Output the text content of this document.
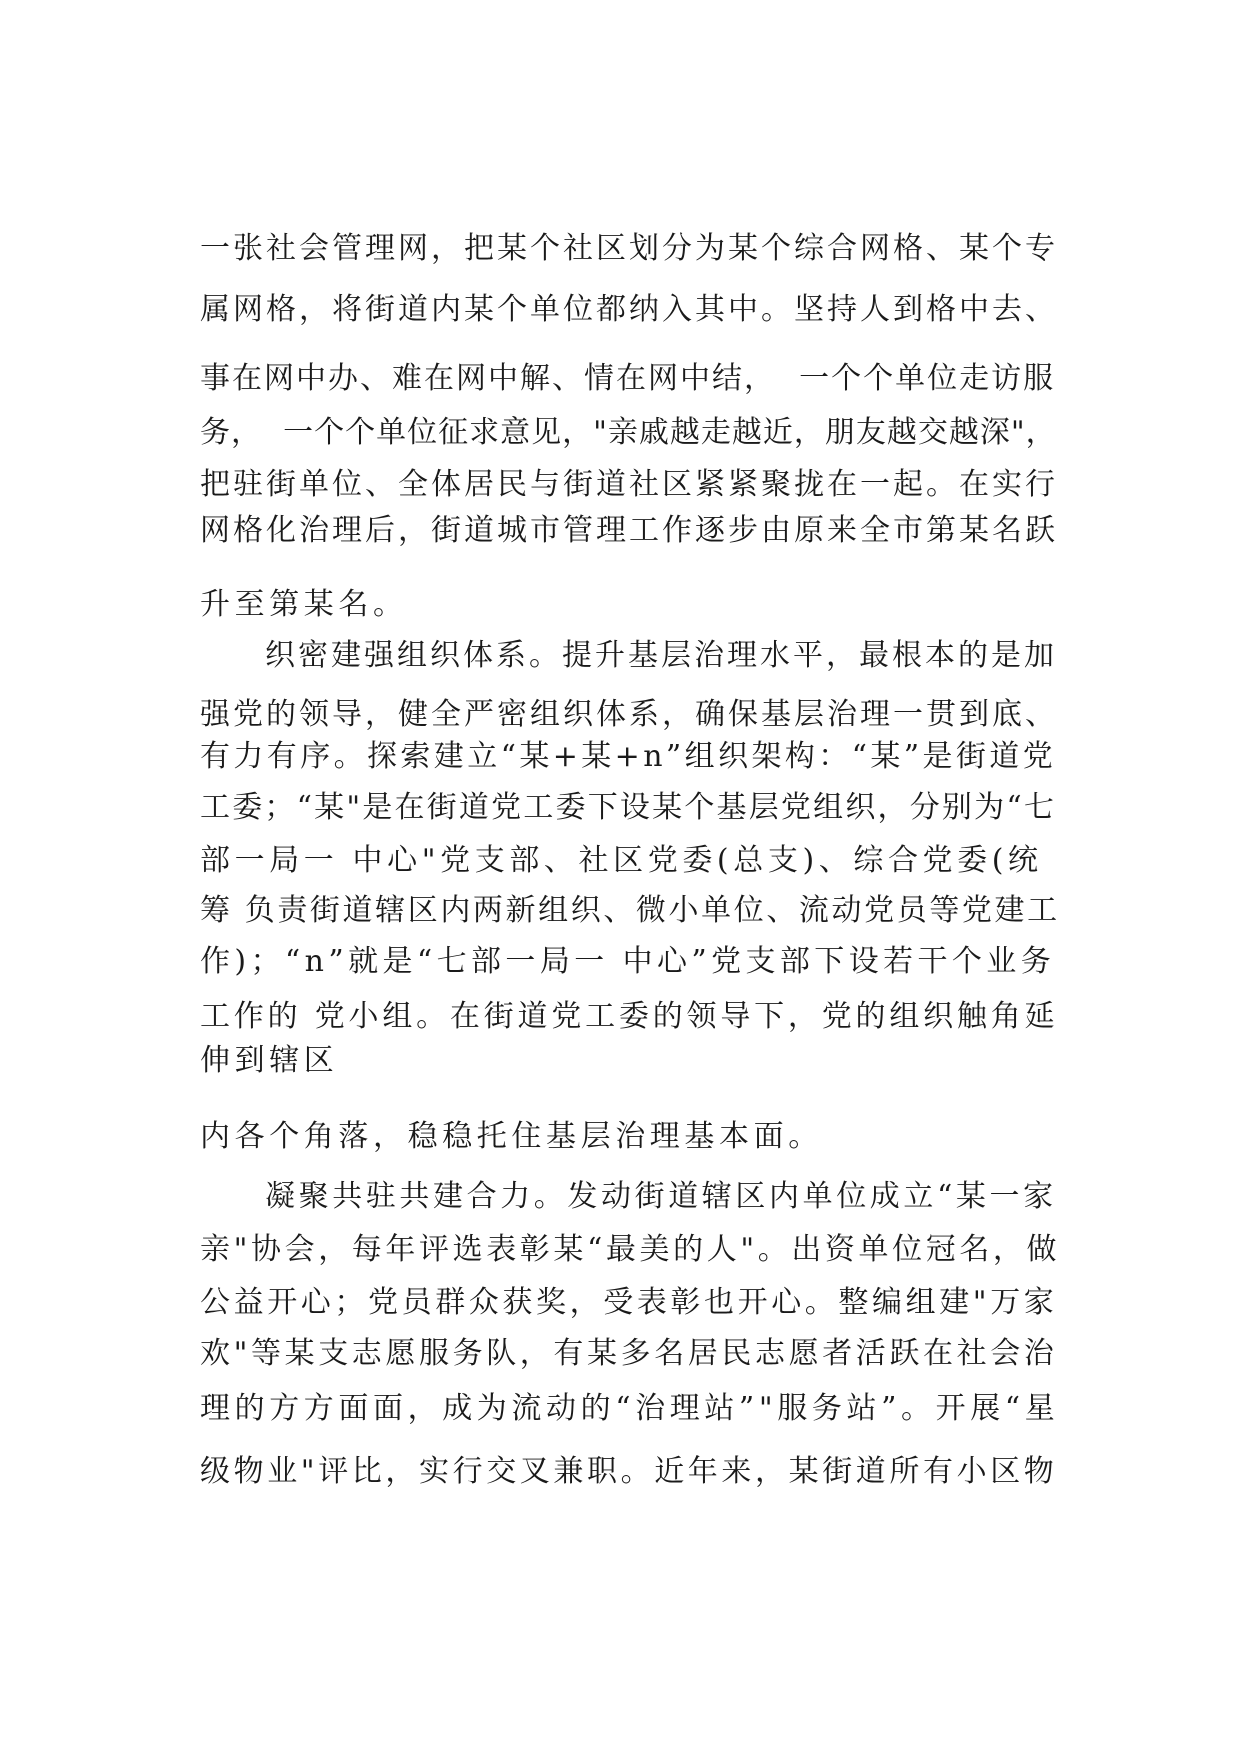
一张社会管理网，把某个社区划分为某个综合网格、某个专

属网格，将街道内某个单位都纳入其中。坚持人到格中去、

事在网中办、难在网中解、情在网中结，  一个个单位走访服

务，  一个个单位征求意见，"亲戚越走越近，朋友越交越深"，

把驻街单位、全体居民与街道社区紧紧聚拢在一起。在实行

网格化治理后，街道城市管理工作逐步由原来全市第某名跃

升至第某名。

织密建强组织体系。提升基层治理水平，最根本的是加

强党的领导，健全严密组织体系，确保基层治理一贯到底、

有力有序。探索建立“某+某+n”组织架构：“某”是街道党

工委；“某"是在街道党工委下设某个基层党组织，分别为“七

部一局一 中心"党支部、社区党委(总支)、综合党委(统

筹 负责街道辖区内两新组织、微小单位、流动党员等党建工

作)；“n”就是“七部一局一 中心”党支部下设若干个业务

工作的 党小组。在街道党工委的领导下，党的组织触角延

伸到辖区

内各个角落，稳稳托住基层治理基本面。

凝聚共驻共建合力。发动街道辖区内单位成立“某一家

亲"协会，每年评选表彰某“最美的人"。出资单位冠名，做

公益开心；党员群众获奖，受表彰也开心。整编组建"万家

欢"等某支志愿服务队，有某多名居民志愿者活跃在社会治

理的方方面面，成为流动的“治理站”"服务站”。开展“星

级物业"评比，实行交叉兼职。近年来，某街道所有小区物
